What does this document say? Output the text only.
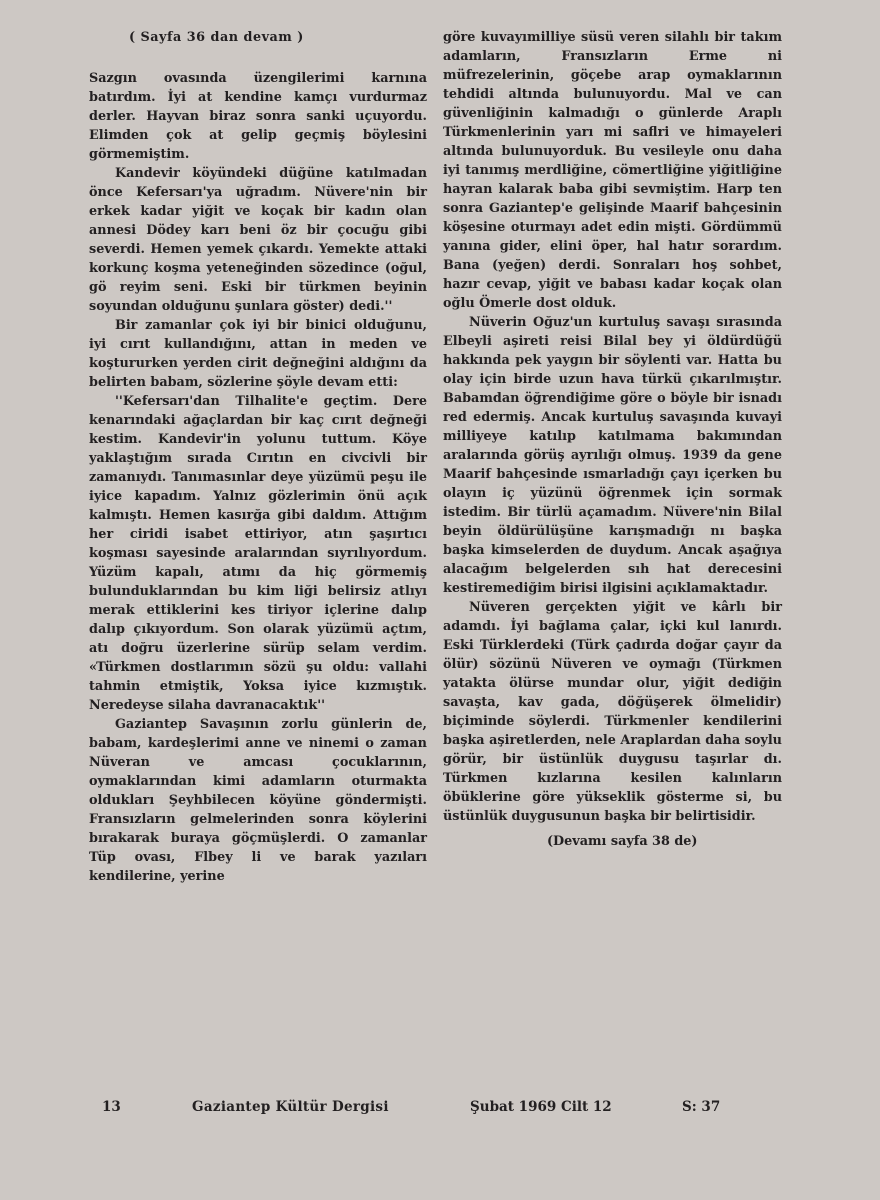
( Sayfa 36 dan devam )

Sazgın ovasında üzengilerimi karnına batırdım. İyi at kendine kamçı vurdurmaz derler. Hayvan biraz sonra sanki uçuyordu. Elimden çok at gelip geçmiş böylesini görmemiştim.

Kandevir köyündeki düğüne katılmadan önce Kefersarı'ya uğradım. Nüvere'nin bir erkek kadar yiğit ve koçak bir kadın olan annesi Dödey karı beni öz bir çocuğu gibi severdi. Hemen yemek çıkardı. Yemekte attaki korkunç koşma yeteneğinden sözedince (oğul, gö reyim seni. Eski bir türkmen beyinin soyundan olduğunu şunlara göster) dedi.''

Bir zamanlar çok iyi bir binici olduğunu, iyi cırıt kullandığını, attan in meden ve koştururken yerden cirit değneğini aldığını da belirten babam, sözlerine şöyle devam etti:

''Kefersarı'dan Tilhalite'e geçtim. Dere kenarındaki ağaçlardan bir kaç cırıt değneği kestim. Kandevir'in yolunu tuttum. Köye yaklaştığım sırada Cırıtın en civcivli bir zamanıydı. Tanımasınlar deye yüzümü peşu ile iyice kapadım. Yalnız gözlerimin önü açık kalmıştı. Hemen kasırğa gibi daldım. Attığım her ciridi isabet ettiriyor, atın şaşırtıcı koşması sayesinde aralarından sıyrılıyordum. Yüzüm kapalı, atımı da hiç görmemiş bulunduklarından bu kim liği belirsiz atlıyı merak ettiklerini kes tiriyor içlerine dalıp dalıp çıkıyordum. Son olarak yüzümü açtım, atı doğru üzerlerine sürüp selam verdim. «Türkmen dostlarımın sözü şu oldu: vallahi tahmin etmiştik, Yoksa iyice kızmıştık. Neredeyse silaha davranacaktık''

Gaziantep Savaşının zorlu günlerin de, babam, kardeşlerimi anne ve ninemi o zaman Nüveran ve amcası çocuklarının, oymaklarından kimi adamların oturmakta oldukları Şeyhbilecen köyüne göndermişti. Fransızların gelmelerinden sonra köylerini bırakarak buraya göçmüşlerdi. O zamanlar Tüp ovası, Flbey li ve barak yazıları kendilerine, yerine

göre kuvayımilliye süsü veren silahlı bir takım adamların, Fransızların Erme ni müfrezelerinin, göçebe arap oymaklarının tehdidi altında bulunuyordu. Mal ve can güvenliğinin kalmadığı o günlerde Araplı Türkmenlerinin yarı mi saflri ve himayeleri altında bulunuyorduk. Bu vesileyle onu daha iyi tanımış merdliğine, cömertliğine yiğitliğine hayran kalarak baba gibi sevmiştim. Harp ten sonra Gaziantep'e gelişinde Maarif bahçesinin köşesine oturmayı adet edin mişti. Gördümmü yanına gider, elini öper, hal hatır sorardım. Bana (yeğen) derdi. Sonraları hoş sohbet, hazır cevap, yiğit ve babası kadar koçak olan oğlu Ömerle dost olduk.

Nüverin Oğuz'un kurtuluş savaşı sırasında Elbeyli aşireti reisi Bilal bey yi öldürdüğü hakkında pek yaygın bir söylenti var. Hatta bu olay için birde uzun hava türkü çıkarılmıştır. Babamdan öğrendiğime göre o böyle bir isnadı red edermiş. Ancak kurtuluş savaşında kuvayi milliyeye katılıp katılmama bakımından aralarında görüş ayrılığı olmuş. 1939 da gene Maarif bahçesinde ısmarladığı çayı içerken bu olayın iç yüzünü öğrenmek için sormak istedim. Bir türlü açamadım. Nüvere'nin Bilal beyin öldürülüşüne karışmadığı nı başka başka kimselerden de duydum. Ancak aşağıya alacağım belgelerden sıh hat derecesini kestiremediğim birisi ilgisini açıklamaktadır.

Nüveren gerçekten yiğit ve kârlı bir adamdı. İyi bağlama çalar, içki kul lanırdı. Eski Türklerdeki (Türk çadırda doğar çayır da ölür) sözünü Nüveren ve oymağı (Türkmen yatakta ölürse mundar olur, yiğit dediğin savaşta, kav gada, döğüşerek ölmelidir) biçiminde söylerdi. Türkmenler kendilerini başka aşiretlerden, nele Araplardan daha soylu görür, bir üstünlük duygusu taşırlar dı. Türkmen kızlarına kesilen kalınların öbüklerine göre yükseklik gösterme si, bu üstünlük duygusunun başka bir belirtisidir.

(Devamı sayfa 38 de)

13	Gaziantep Kültür Dergisi	Şubat 1969 Cilt 12	S: 37
